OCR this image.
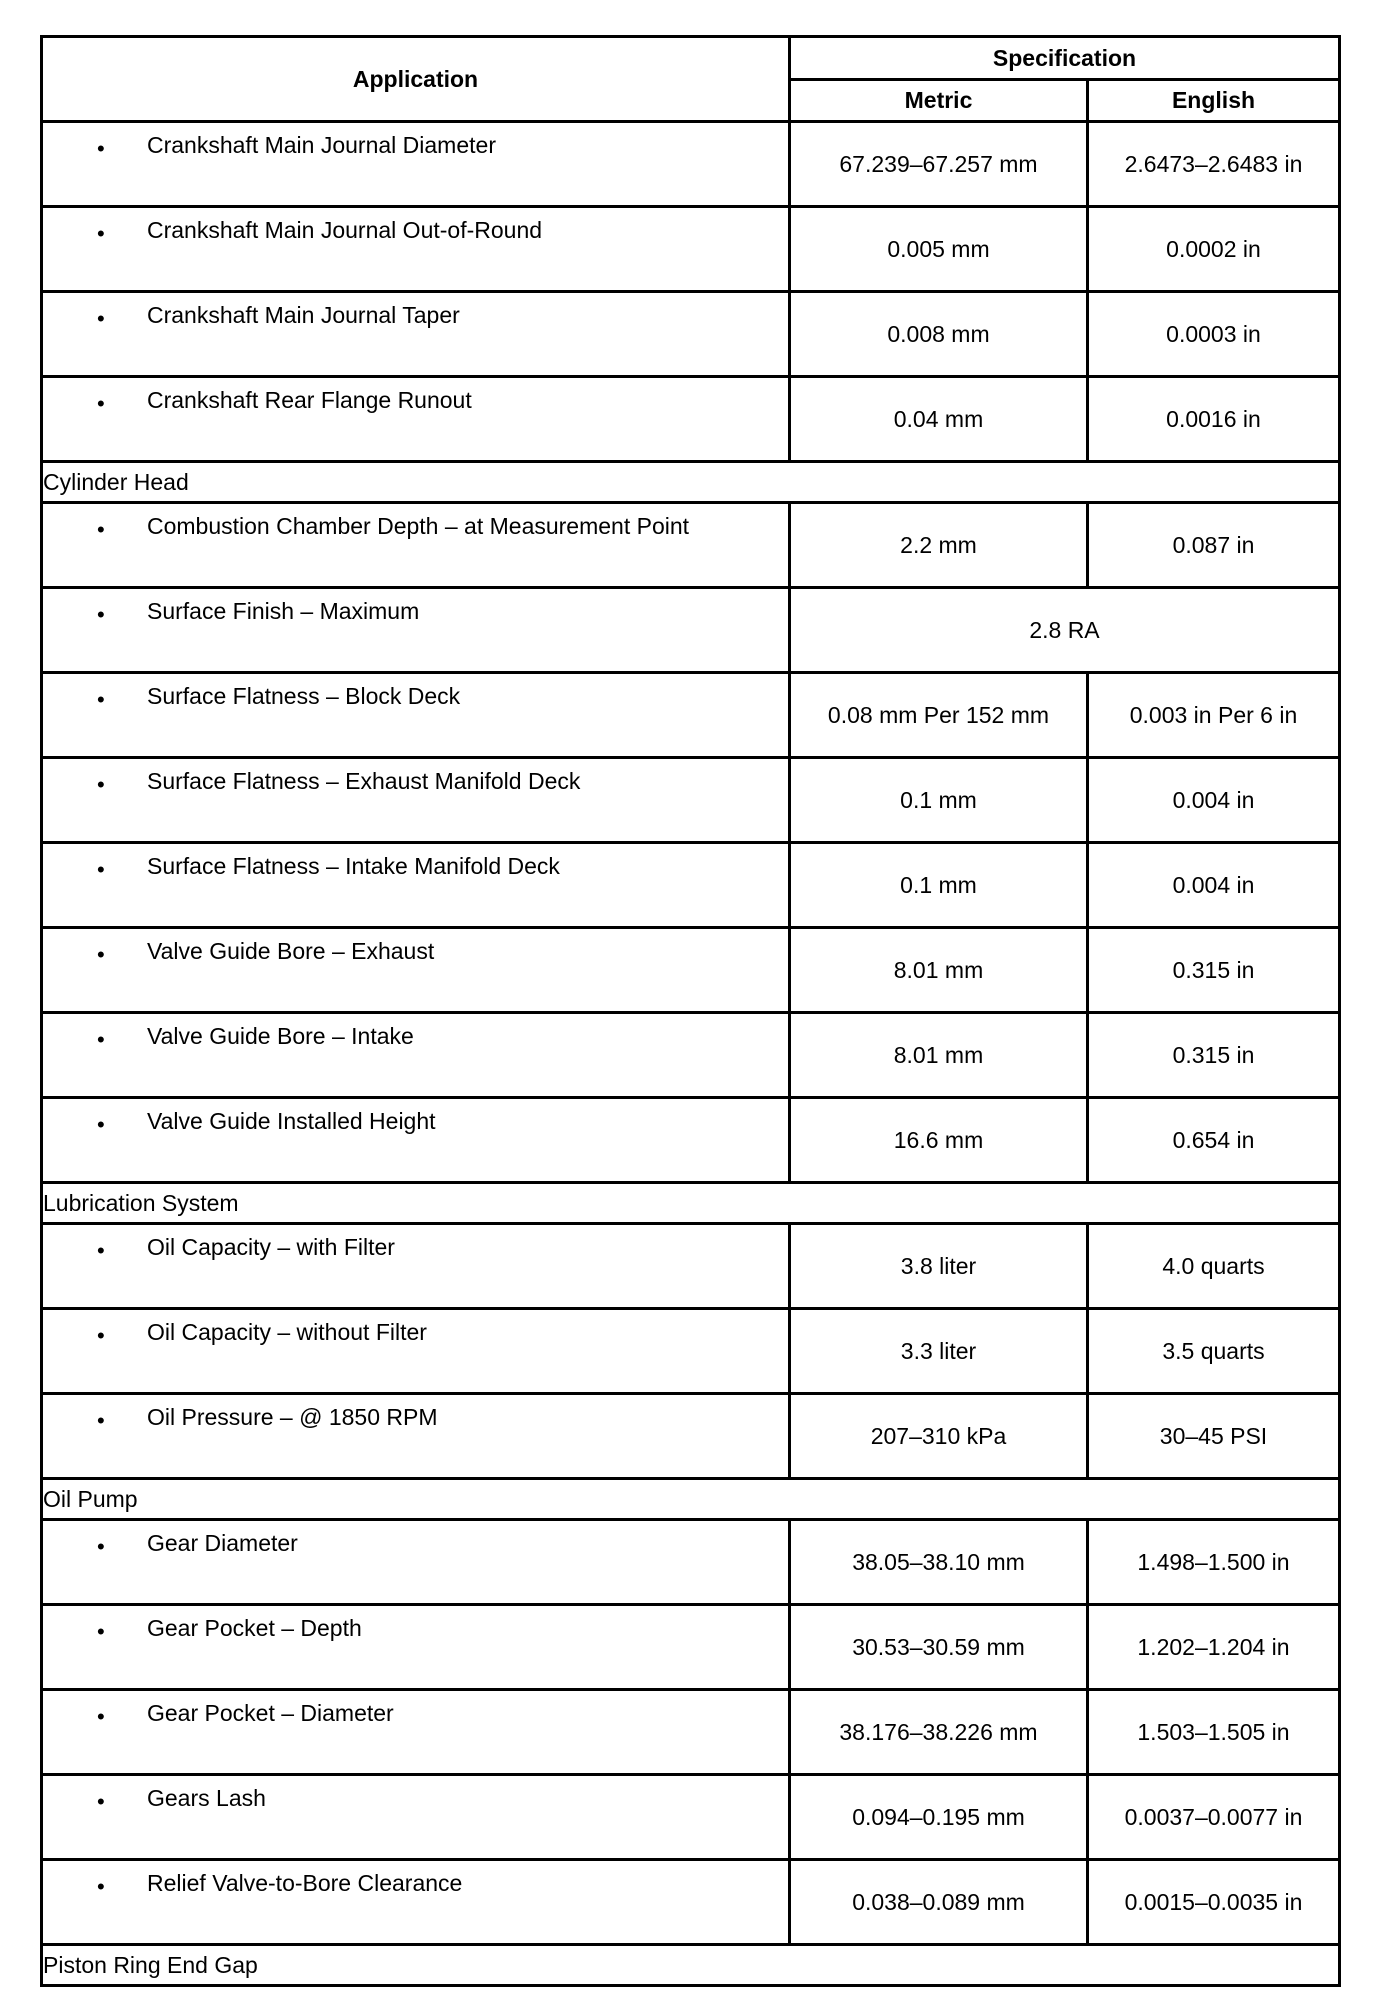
Application	Specification	
	Metric	English

• Crankshaft Main Journal Diameter	67.239–67.257 mm	2.6473–2.6483 in

• Crankshaft Main Journal Out-of-Round	0.005 mm	0.0002 in

• Crankshaft Main Journal Taper	0.008 mm	0.0003 in

• Crankshaft Rear Flange Runout	0.04 mm	0.0016 in
Cylinder Head		

• Combustion Chamber Depth – at Measurement Point	2.2 mm	0.087 in

• Surface Finish – Maximum	2.8 RA	

• Surface Flatness – Block Deck	0.08 mm Per 152 mm	0.003 in Per 6 in

• Surface Flatness – Exhaust Manifold Deck	0.1 mm	0.004 in

• Surface Flatness – Intake Manifold Deck	0.1 mm	0.004 in

• Valve Guide Bore – Exhaust	8.01 mm	0.315 in

• Valve Guide Bore – Intake	8.01 mm	0.315 in

• Valve Guide Installed Height	16.6 mm	0.654 in
Lubrication System		

• Oil Capacity – with Filter	3.8 liter	4.0 quarts

• Oil Capacity – without Filter	3.3 liter	3.5 quarts

• Oil Pressure – @ 1850 RPM	207–310 kPa	30–45 PSI
Oil Pump		

• Gear Diameter	38.05–38.10 mm	1.498–1.500 in

• Gear Pocket – Depth	30.53–30.59 mm	1.202–1.204 in

• Gear Pocket – Diameter	38.176–38.226 mm	1.503–1.505 in

• Gears Lash	0.094–0.195 mm	0.0037–0.0077 in

• Relief Valve-to-Bore Clearance	0.038–0.089 mm	0.0015–0.0035 in
Piston Ring End Gap		
